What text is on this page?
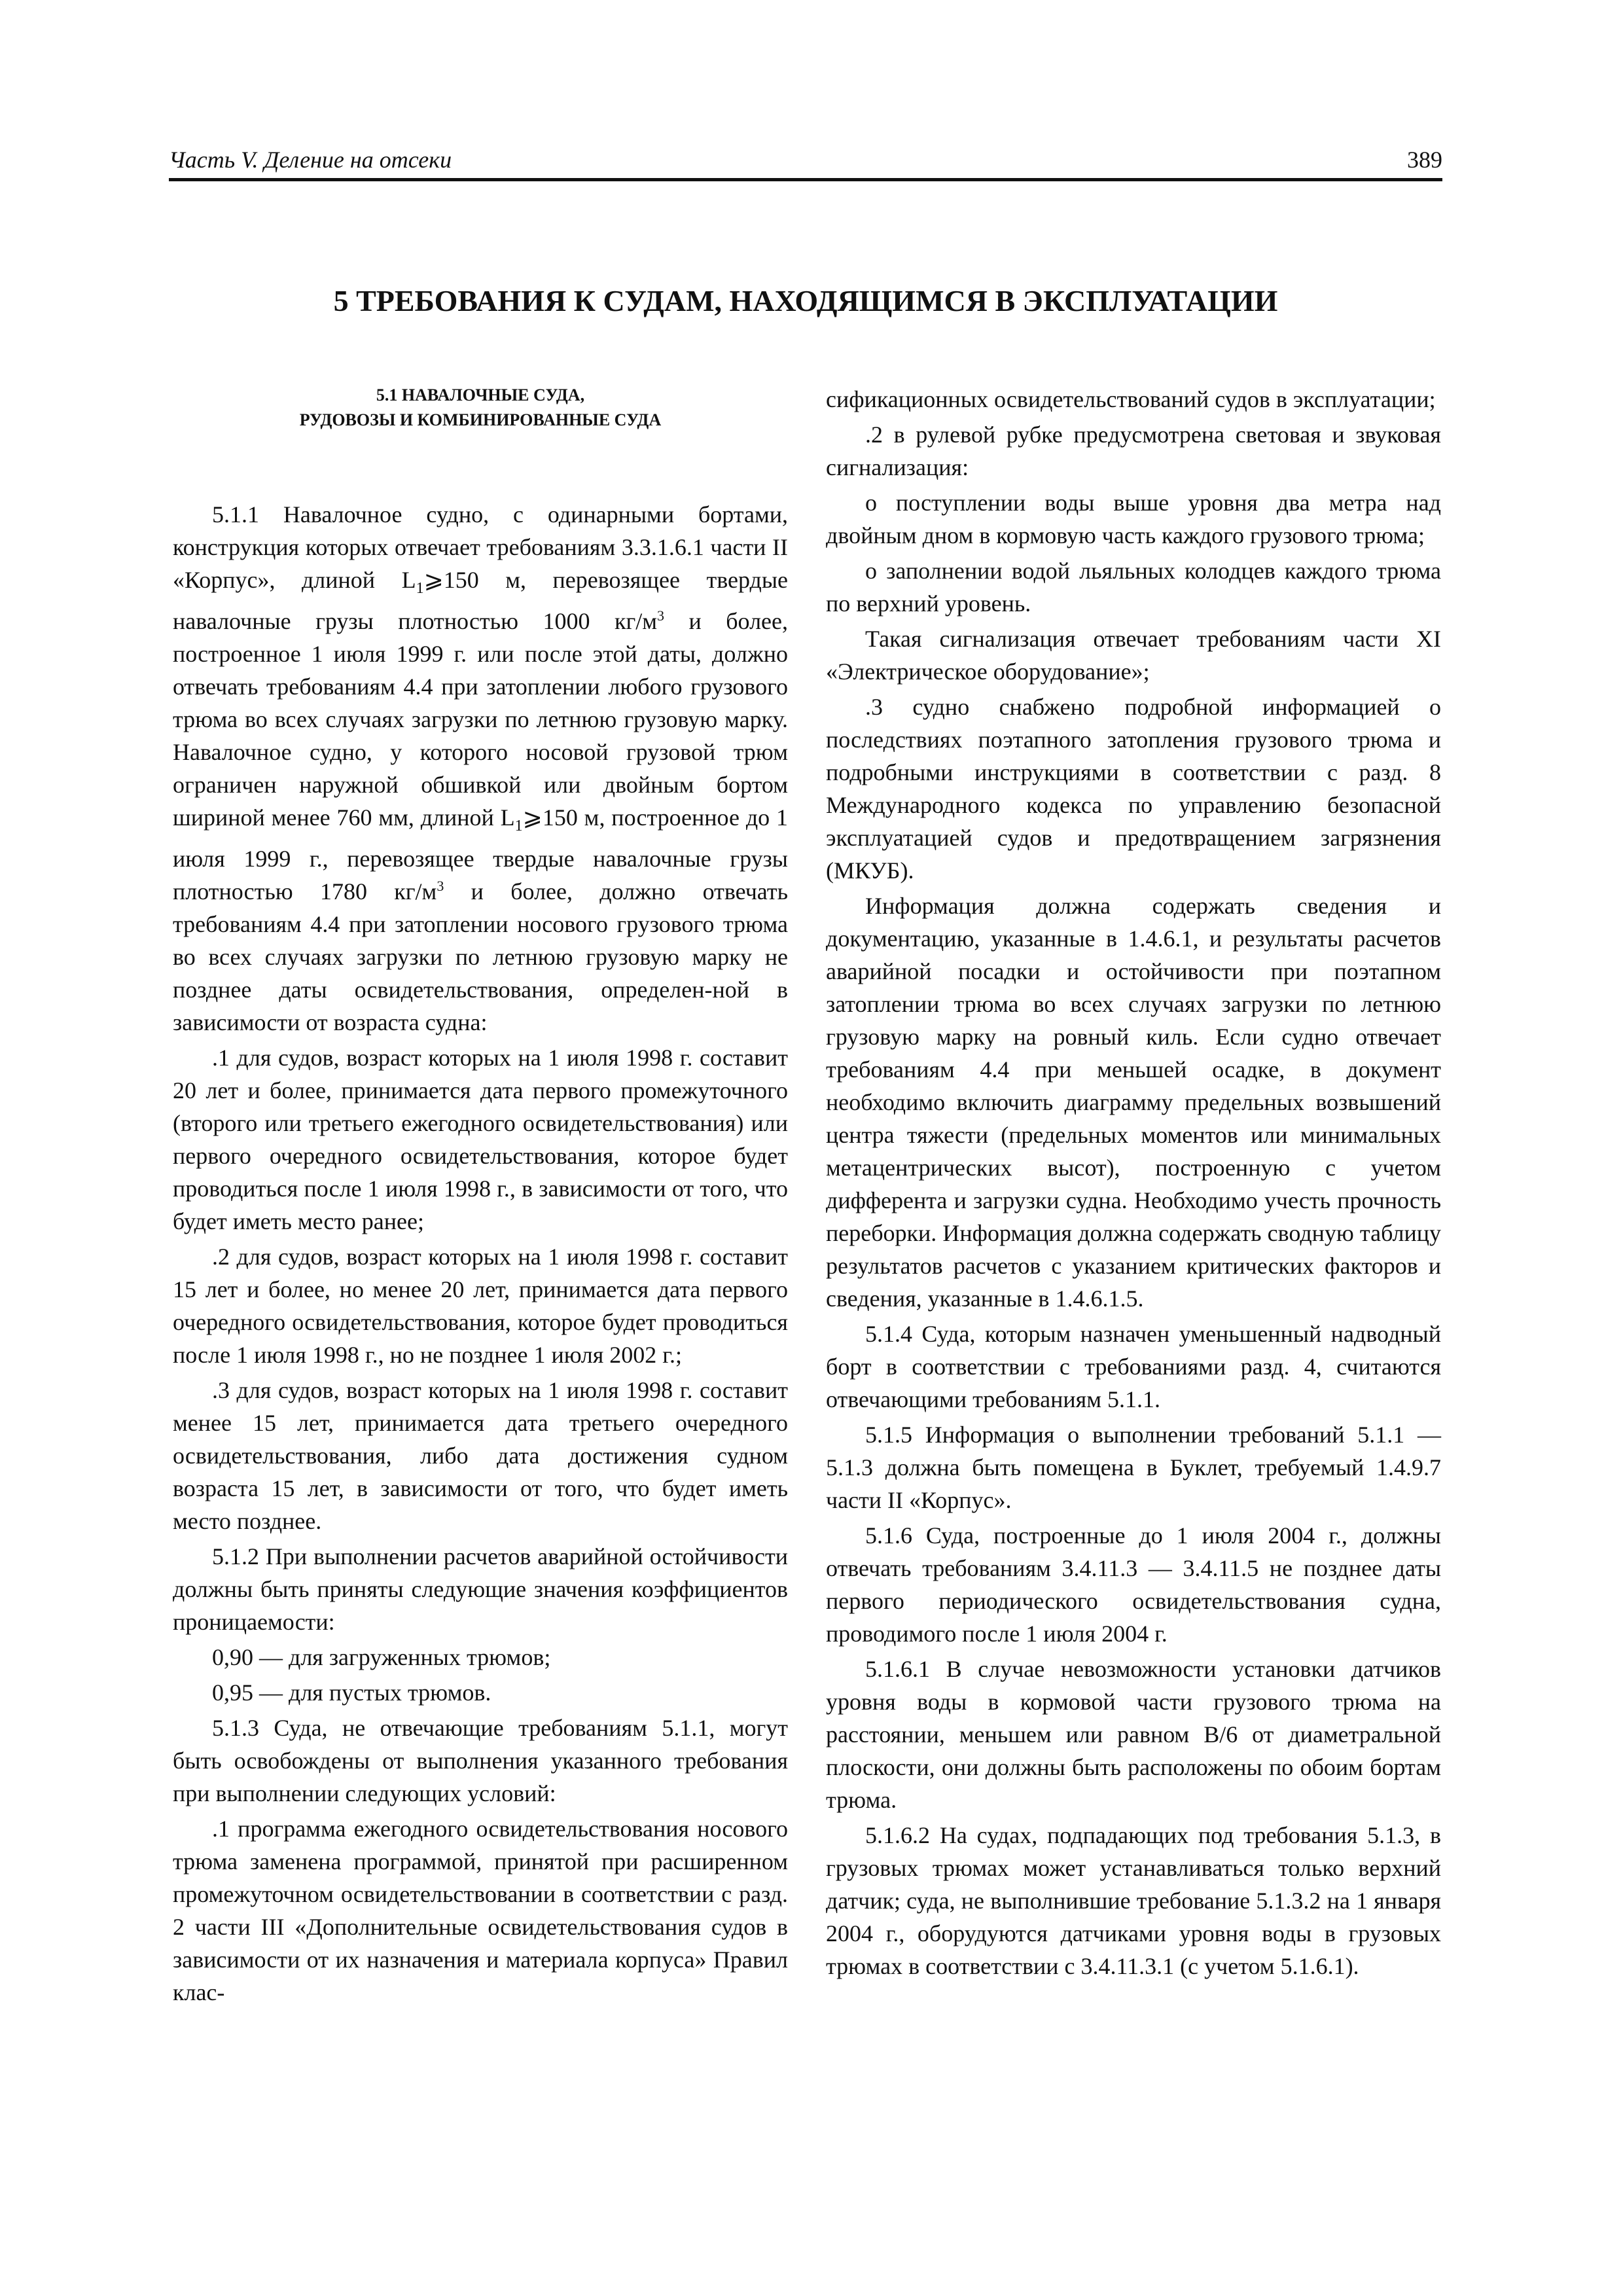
Часть V. Деление на отсеки	389
5 ТРЕБОВАНИЯ К СУДАМ, НАХОДЯЩИМСЯ В ЭКСПЛУАТАЦИИ
5.1 НАВАЛОЧНЫЕ СУДА,
РУДОВОЗЫ И КОМБИНИРОВАННЫЕ СУДА

5.1.1 Навалочное судно, с одинарными бортами, конструкция которых отвечает требованиям 3.3.1.6.1 части II «Корпус», длиной $L_1⩾150$ м, перевозящее твердые навалочные грузы плотностью 1000 $кг/м^3$ и более, построенное 1 июля 1999 г. или после этой даты, должно отвечать требованиям 4.4 при затоплении любого грузового трюма во всех случаях загрузки по летнюю грузовую марку. Навалочное судно, у которого носовой грузовой трюм ограничен наружной обшивкой или двойным бортом шириной менее 760 мм, длиной $L_1⩾150$ м, построенное до 1 июля 1999 г., перевозящее твердые навалочные грузы плотностью 1780 $кг/м^3$ и более, должно отвечать требованиям 4.4 при затоплении носового грузового трюма во всех случаях загрузки по летнюю грузовую марку не позднее даты освидетельствования, определен-ной в зависимости от возраста судна:

.1 для судов, возраст которых на 1 июля 1998 г. составит 20 лет и более, принимается дата первого промежуточного (второго или третьего ежегодного освидетельствования) или первого очередного освидетельствования, которое будет проводиться после 1 июля 1998 г., в зависимости от того, что будет иметь место ранее;

.2 для судов, возраст которых на 1 июля 1998 г. составит 15 лет и более, но менее 20 лет, принимается дата первого очередного освидетельствования, которое будет проводиться после 1 июля 1998 г., но не позднее 1 июля 2002 г.;

.3 для судов, возраст которых на 1 июля 1998 г. составит менее 15 лет, принимается дата третьего очередного освидетельствования, либо дата достижения судном возраста 15 лет, в зависимости от того, что будет иметь место позднее.

5.1.2 При выполнении расчетов аварийной остойчивости должны быть приняты следующие значения коэффициентов проницаемости:

0,90 — для загруженных трюмов;

0,95 — для пустых трюмов.

5.1.3 Суда, не отвечающие требованиям 5.1.1, могут быть освобождены от выполнения указанного требования при выполнении следующих условий:

.1 программа ежегодного освидетельствования носового трюма заменена программой, принятой при расширенном промежуточном освидетельствовании в соответствии с разд. 2 части III «Дополнительные освидетельствования судов в зависимости от их назначения и материала корпуса» Правил клас-

сификационных освидетельствований судов в эксплуатации;

.2 в рулевой рубке предусмотрена световая и звуковая сигнализация:

о поступлении воды выше уровня два метра над двойным дном в кормовую часть каждого грузового трюма;

о заполнении водой льяльных колодцев каждого трюма по верхний уровень.

Такая сигнализация отвечает требованиям части XI «Электрическое оборудование»;

.3 судно снабжено подробной информацией о последствиях поэтапного затопления грузового трюма и подробными инструкциями в соответствии с разд. 8 Международного кодекса по управлению безопасной эксплуатацией судов и предотвращением загрязнения (МКУБ).

Информация должна содержать сведения и документацию, указанные в 1.4.6.1, и результаты расчетов аварийной посадки и остойчивости при поэтапном затоплении трюма во всех случаях загрузки по летнюю грузовую марку на ровный киль. Если судно отвечает требованиям 4.4 при меньшей осадке, в документ необходимо включить диаграмму предельных возвышений центра тяжести (предельных моментов или минимальных метацентрических высот), построенную с учетом дифферента и загрузки судна. Необходимо учесть прочность переборки. Информация должна содержать сводную таблицу результатов расчетов с указанием критических факторов и сведения, указанные в 1.4.6.1.5.

5.1.4 Суда, которым назначен уменьшенный надводный борт в соответствии с требованиями разд. 4, считаются отвечающими требованиям 5.1.1.

5.1.5 Информация о выполнении требований 5.1.1 — 5.1.3 должна быть помещена в Буклет, требуемый 1.4.9.7 части II «Корпус».

5.1.6 Суда, построенные до 1 июля 2004 г., должны отвечать требованиям 3.4.11.3 — 3.4.11.5 не позднее даты первого периодического освидетельствования судна, проводимого после 1 июля 2004 г.

5.1.6.1 В случае невозможности установки датчиков уровня воды в кормовой части грузового трюма на расстоянии, меньшем или равном B/6 от диаметральной плоскости, они должны быть расположены по обоим бортам трюма.

5.1.6.2 На судах, подпадающих под требования 5.1.3, в грузовых трюмах может устанавливаться только верхний датчик; суда, не выполнившие требование 5.1.3.2 на 1 января 2004 г., оборудуются датчиками уровня воды в грузовых трюмах в соответствии с 3.4.11.3.1 (с учетом 5.1.6.1).
